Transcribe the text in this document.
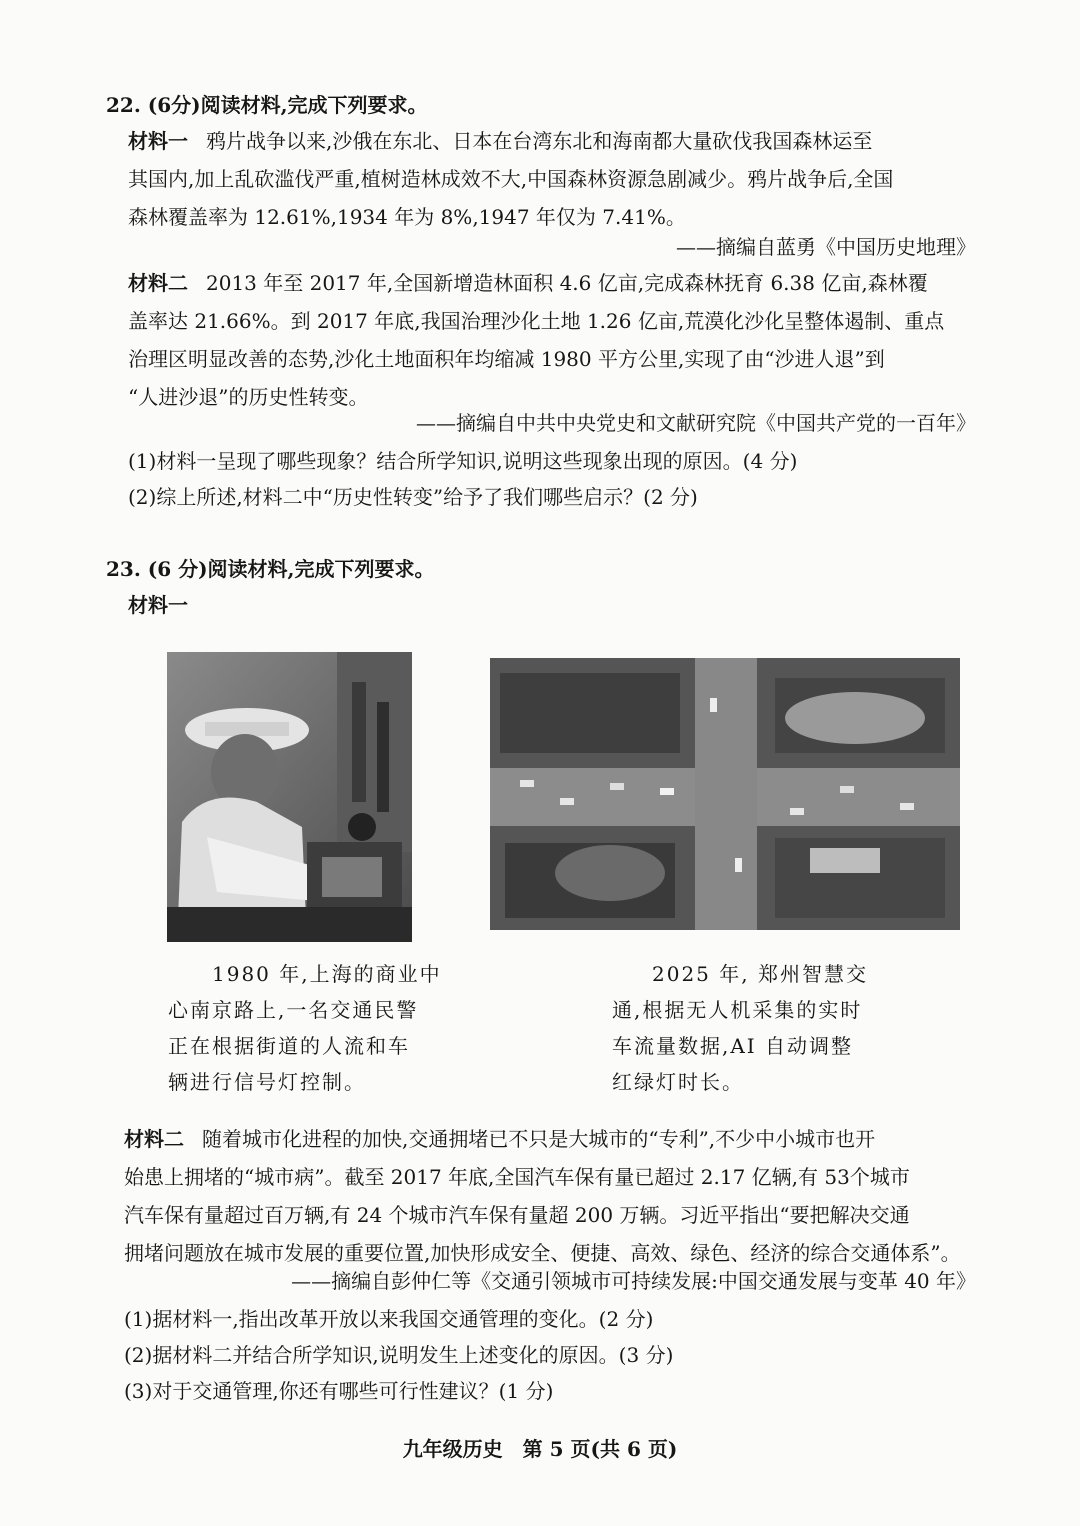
22. (6分)阅读材料,完成下列要求。
材料一 鸦片战争以来,沙俄在东北、日本在台湾东北和海南都大量砍伐我国森林运至
其国内,加上乱砍滥伐严重,植树造林成效不大,中国森林资源急剧减少。鸦片战争后,全国
森林覆盖率为 12.61%,1934 年为 8%,1947 年仅为 7.41%。
——摘编自蓝勇《中国历史地理》
材料二 2013 年至 2017 年,全国新增造林面积 4.6 亿亩,完成森林抚育 6.38 亿亩,森林覆
盖率达 21.66%。到 2017 年底,我国治理沙化土地 1.26 亿亩,荒漠化沙化呈整体遏制、重点
治理区明显改善的态势,沙化土地面积年均缩减 1980 平方公里,实现了由“沙进人退”到
“人进沙退”的历史性转变。
——摘编自中共中央党史和文献研究院《中国共产党的一百年》
(1)材料一呈现了哪些现象？结合所学知识,说明这些现象出现的原因。(4 分)
(2)综上所述,材料二中“历史性转变”给予了我们哪些启示？(2 分)
23. (6 分)阅读材料,完成下列要求。
材料一
1980 年,上海的商业中
心南京路上,一名交通民警
正在根据街道的人流和车
辆进行信号灯控制。
2025 年, 郑州智慧交
通,根据无人机采集的实时
车流量数据,AI 自动调整
红绿灯时长。
材料二 随着城市化进程的加快,交通拥堵已不只是大城市的“专利”,不少中小城市也开
始患上拥堵的“城市病”。截至 2017 年底,全国汽车保有量已超过 2.17 亿辆,有 53个城市
汽车保有量超过百万辆,有 24 个城市汽车保有量超 200 万辆。习近平指出“要把解决交通
拥堵问题放在城市发展的重要位置,加快形成安全、便捷、高效、绿色、经济的综合交通体系”。
——摘编自彭仲仁等《交通引领城市可持续发展:中国交通发展与变革 40 年》
(1)据材料一,指出改革开放以来我国交通管理的变化。(2 分)
(2)据材料二并结合所学知识,说明发生上述变化的原因。(3 分)
(3)对于交通管理,你还有哪些可行性建议？(1 分)
九年级历史　第 5 页(共 6 页)
